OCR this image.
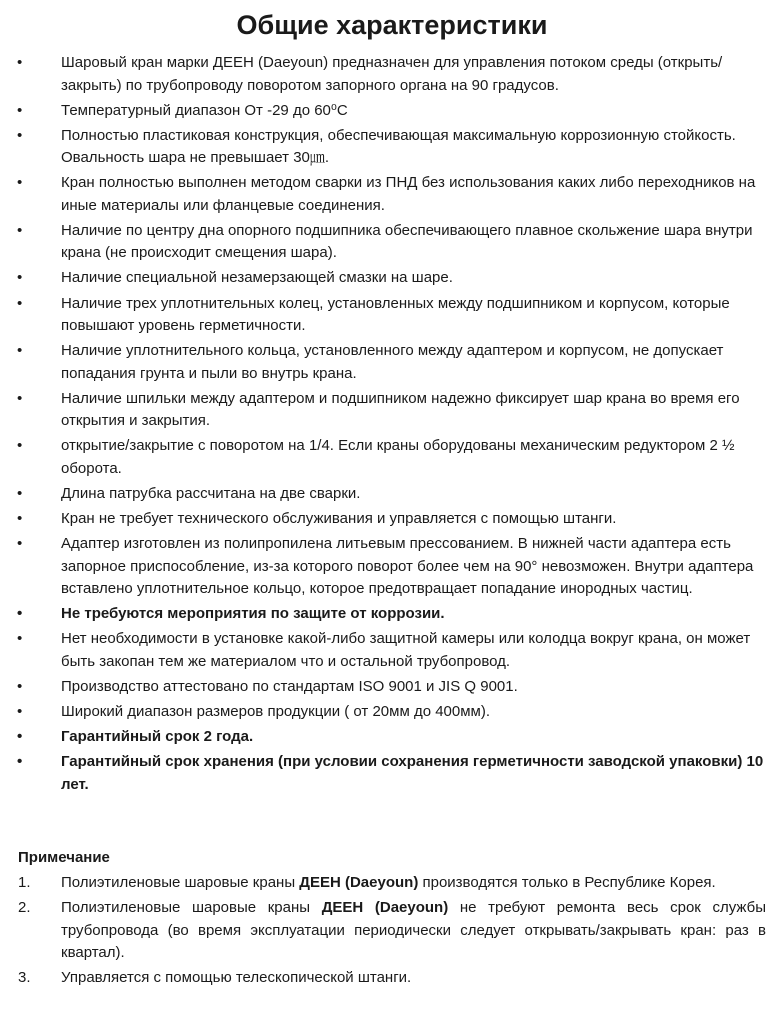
Общие характеристики
•	Шаровый кран марки ДЕЕН (Daeyoun) предназначен для управления потоком среды (открыть/закрыть) по трубопроводу поворотом запорного органа на 90 градусов.
•	Температурный диапазон От -29 до 60⁰С
•	Полностью пластиковая конструкция, обеспечивающая максимальную коррозионную стойкость. Овальность шара не превышает 30㎛.
•	Кран полностью выполнен методом сварки из ПНД без использования каких либо переходников на иные материалы или фланцевые соединения.
•	Наличие по центру дна опорного подшипника обеспечивающего плавное скольжение шара внутри крана (не происходит смещения шара).
•	Наличие специальной незамерзающей смазки на шаре.
•	Наличие трех уплотнительных колец, установленных между подшипником и корпусом, которые повышают уровень герметичности.
•	Наличие уплотнительного кольца, установленного между адаптером и корпусом, не допускает попадания грунта и пыли во внутрь крана.
•	Наличие шпильки между адаптером и подшипником надежно фиксирует шар крана во время его открытия и закрытия.
•	открытие/закрытие с поворотом на 1/4. Если краны оборудованы механическим редуктором 2 ½ оборота.
•	Длина патрубка рассчитана на две сварки.
•	Кран не требует технического обслуживания и управляется с помощью штанги.
•	Адаптер изготовлен из полипропилена литьевым прессованием. В нижней части адаптера есть запорное приспособление, из-за которого поворот более чем на 90° невозможен. Внутри адаптера вставлено уплотнительное кольцо, которое предотвращает попадание инородных частиц.
•	Не требуются мероприятия по защите от коррозии.
•	Нет необходимости в установке какой-либо защитной камеры или колодца вокруг крана, он может быть закопан тем же материалом что и остальной трубопровод.
•	Производство аттестовано по стандартам ISO 9001 и JIS Q 9001.
•	Широкий диапазон размеров продукции ( от 20мм до 400мм).
•	Гарантийный срок 2 года.
•	Гарантийный срок хранения (при условии сохранения герметичности заводской упаковки) 10 лет.

Примечание

1. Полиэтиленовые шаровые краны ДЕЕН (Daeyoun) производятся только в Республике Корея.
2. Полиэтиленовые шаровые краны ДЕЕН (Daeyoun) не требуют ремонта весь срок службы трубопровода (во время эксплуатации периодически следует открывать/закрывать кран: раз в квартал).
3. Управляется с помощью телескопической штанги.
